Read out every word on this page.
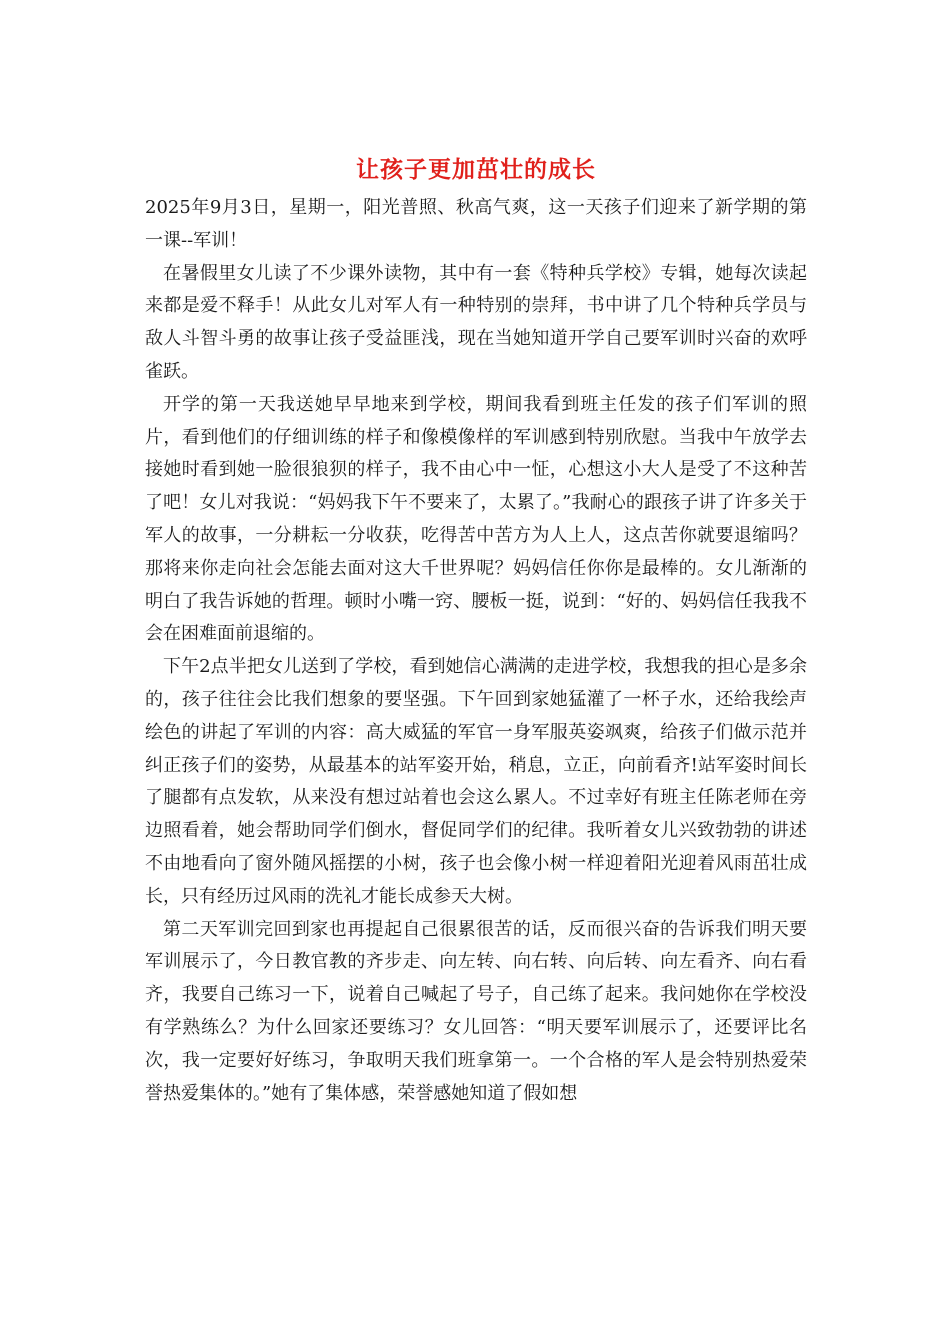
让孩子更加茁壮的成长

2025年9月3日，星期一，阳光普照、秋高气爽，这一天孩子们迎来了新学期的第一课--军训！

在暑假里女儿读了不少课外读物，其中有一套《特种兵学校》专辑，她每次读起来都是爱不释手！从此女儿对军人有一种特别的崇拜，书中讲了几个特种兵学员与敌人斗智斗勇的故事让孩子受益匪浅，现在当她知道开学自己要军训时兴奋的欢呼雀跃。

开学的第一天我送她早早地来到学校，期间我看到班主任发的孩子们军训的照片，看到他们的仔细训练的样子和像模像样的军训感到特别欣慰。当我中午放学去接她时看到她一脸很狼狈的样子，我不由心中一怔，心想这小大人是受了不这种苦了吧！女儿对我说：“妈妈我下午不要来了，太累了。”我耐心的跟孩子讲了许多关于军人的故事，一分耕耘一分收获，吃得苦中苦方为人上人，这点苦你就要退缩吗？那将来你走向社会怎能去面对这大千世界呢？妈妈信任你你是最棒的。女儿渐渐的明白了我告诉她的哲理。顿时小嘴一窍、腰板一挺，说到：“好的、妈妈信任我我不会在困难面前退缩的。

下午2点半把女儿送到了学校，看到她信心满满的走进学校，我想我的担心是多余的，孩子往往会比我们想象的要坚强。下午回到家她猛灌了一杯子水，还给我绘声绘色的讲起了军训的内容：高大威猛的军官一身军服英姿飒爽，给孩子们做示范并纠正孩子们的姿势，从最基本的站军姿开始，稍息，立正，向前看齐!站军姿时间长了腿都有点发软，从来没有想过站着也会这么累人。不过幸好有班主任陈老师在旁边照看着，她会帮助同学们倒水，督促同学们的纪律。我听着女儿兴致勃勃的讲述不由地看向了窗外随风摇摆的小树，孩子也会像小树一样迎着阳光迎着风雨茁壮成长，只有经历过风雨的洗礼才能长成参天大树。

第二天军训完回到家也再提起自己很累很苦的话，反而很兴奋的告诉我们明天要军训展示了，今日教官教的齐步走、向左转、向右转、向后转、向左看齐、向右看齐，我要自己练习一下，说着自己喊起了号子，自己练了起来。我问她你在学校没有学熟练么？为什么回家还要练习？女儿回答：“明天要军训展示了，还要评比名次，我一定要好好练习，争取明天我们班拿第一。一个合格的军人是会特别热爱荣誉热爱集体的。”她有了集体感，荣誉感她知道了假如想
